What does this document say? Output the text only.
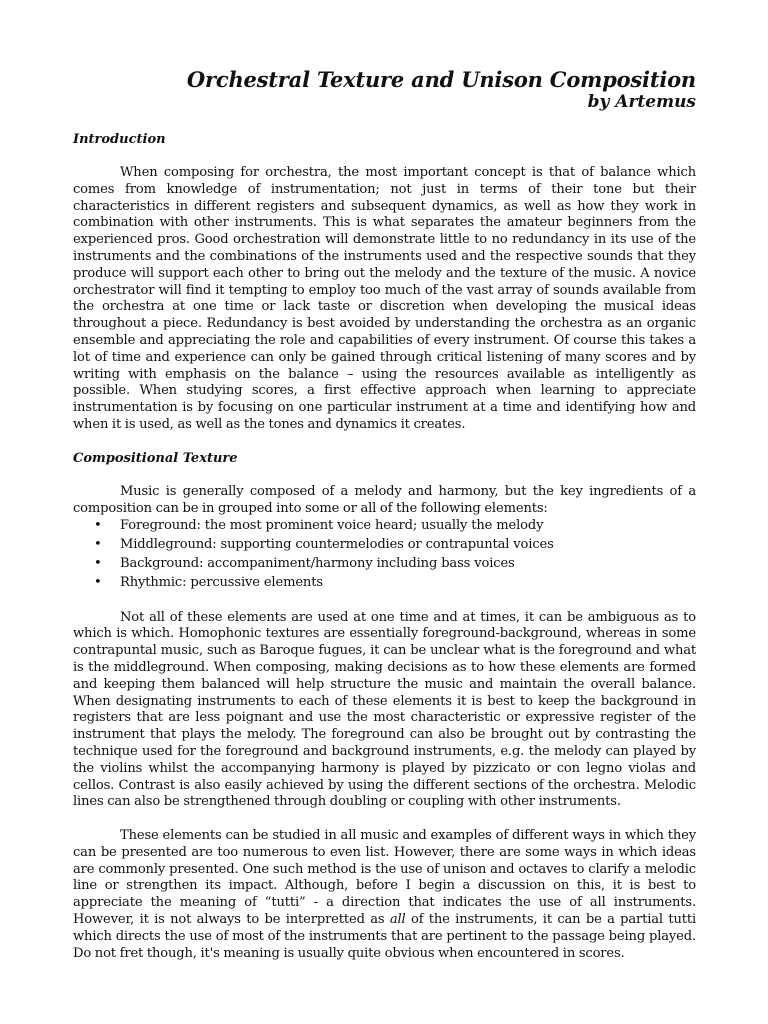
Orchestral Texture and Unison Composition
by Artemus
Introduction

When composing for orchestra, the most important concept is that of balance which comes from knowledge of instrumentation; not just in terms of their tone but their characteristics in different registers and subsequent dynamics, as well as how they work in combination with other instruments. This is what separates the amateur beginners from the experienced pros. Good orchestration will demonstrate little to no redundancy in its use of the instruments and the combinations of the instruments used and the respective sounds that they produce will support each other to bring out the melody and the texture of the music. A novice orchestrator will find it tempting to employ too much of the vast array of sounds available from the orchestra at one time or lack taste or discretion when developing the musical ideas throughout a piece. Redundancy is best avoided by understanding the orchestra as an organic ensemble and appreciating the role and capabilities of every instrument. Of course this takes a lot of time and experience can only be gained through critical listening of many scores and by writing with emphasis on the balance – using the resources available as intelligently as possible. When studying scores, a first effective approach when learning to appreciate instrumentation is by focusing on one particular instrument at a time and identifying how and when it is used, as well as the tones and dynamics it creates.

Compositional Texture

Music is generally composed of a melody and harmony, but the key ingredients of a composition can be in grouped into some or all of the following elements:

• Foreground: the most prominent voice heard; usually the melody
• Middleground: supporting countermelodies or contrapuntal voices
• Background: accompaniment/harmony including bass voices
• Rhythmic: percussive elements

Not all of these elements are used at one time and at times, it can be ambiguous as to which is which. Homophonic textures are essentially foreground-background, whereas in some contrapuntal music, such as Baroque fugues, it can be unclear what is the foreground and what is the middleground. When composing, making decisions as to how these elements are formed and keeping them balanced will help structure the music and maintain the overall balance. When designating instruments to each of these elements it is best to keep the background in registers that are less poignant and use the most characteristic or expressive register of the instrument that plays the melody. The foreground can also be brought out by contrasting the technique used for the foreground and background instruments, e.g. the melody can played by the violins whilst the accompanying harmony is played by pizzicato or con legno violas and cellos. Contrast is also easily achieved by using the different sections of the orchestra. Melodic lines can also be strengthened through doubling or coupling with other instruments.

These elements can be studied in all music and examples of different ways in which they can be presented are too numerous to even list. However, there are some ways in which ideas are commonly presented. One such method is the use of unison and octaves to clarify a melodic line or strengthen its impact. Although, before I begin a discussion on this, it is best to appreciate the meaning of “tutti” - a direction that indicates the use of all instruments. However, it is not always to be interpretted as all of the instruments, it can be a partial tutti which directs the use of most of the instruments that are pertinent to the passage being played. Do not fret though, it's meaning is usually quite obvious when encountered in scores.
